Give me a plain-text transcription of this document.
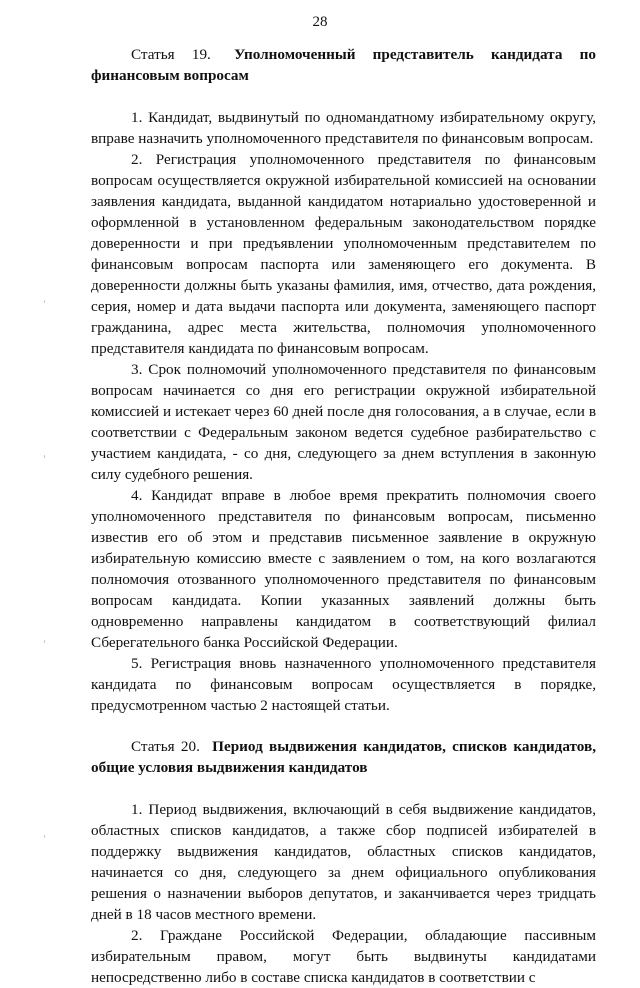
28

Статья 19. Уполномоченный представитель кандидата по финансовым вопросам

1. Кандидат, выдвинутый по одномандатному избирательному округу, вправе назначить уполномоченного представителя по финансовым вопросам.

2. Регистрация уполномоченного представителя по финансовым вопросам осуществляется окружной избирательной комиссией на основании заявления кандидата, выданной кандидатом нотариально удостоверенной и оформленной в установленном федеральным законодательством порядке доверенности и при предъявлении уполномоченным представителем по финансовым вопросам паспорта или заменяющего его документа. В доверенности должны быть указаны фамилия, имя, отчество, дата рождения, серия, номер и дата выдачи паспорта или документа, заменяющего паспорт гражданина, адрес места жительства, полномочия уполномоченного представителя кандидата по финансовым вопросам.

3. Срок полномочий уполномоченного представителя по финансовым вопросам начинается со дня его регистрации окружной избирательной комиссией и истекает через 60 дней после дня голосования, а в случае, если в соответствии с Федеральным законом ведется судебное разбирательство с участием кандидата, - со дня, следующего за днем вступления в законную силу судебного решения.

4. Кандидат вправе в любое время прекратить полномочия своего уполномоченного представителя по финансовым вопросам, письменно известив его об этом и представив письменное заявление в окружную избирательную комиссию вместе с заявлением о том, на кого возлагаются полномочия отозванного уполномоченного представителя по финансовым вопросам кандидата. Копии указанных заявлений должны быть одновременно направлены кандидатом в соответствующий филиал Сберегательного банка Российской Федерации.

5. Регистрация вновь назначенного уполномоченного представителя кандидата по финансовым вопросам осуществляется в порядке, предусмотренном частью 2 настоящей статьи.

Статья 20. Период выдвижения кандидатов, списков кандидатов, общие условия выдвижения кандидатов

1. Период выдвижения, включающий в себя выдвижение кандидатов, областных списков кандидатов, а также сбор подписей избирателей в поддержку выдвижения кандидатов, областных списков кандидатов, начинается со дня, следующего за днем официального опубликования решения о назначении выборов депутатов, и заканчивается через тридцать дней в 18 часов местного времени.

2. Граждане Российской Федерации, обладающие пассивным избирательным правом, могут быть выдвинуты кандидатами непосредственно либо в составе списка кандидатов в соответствии с
